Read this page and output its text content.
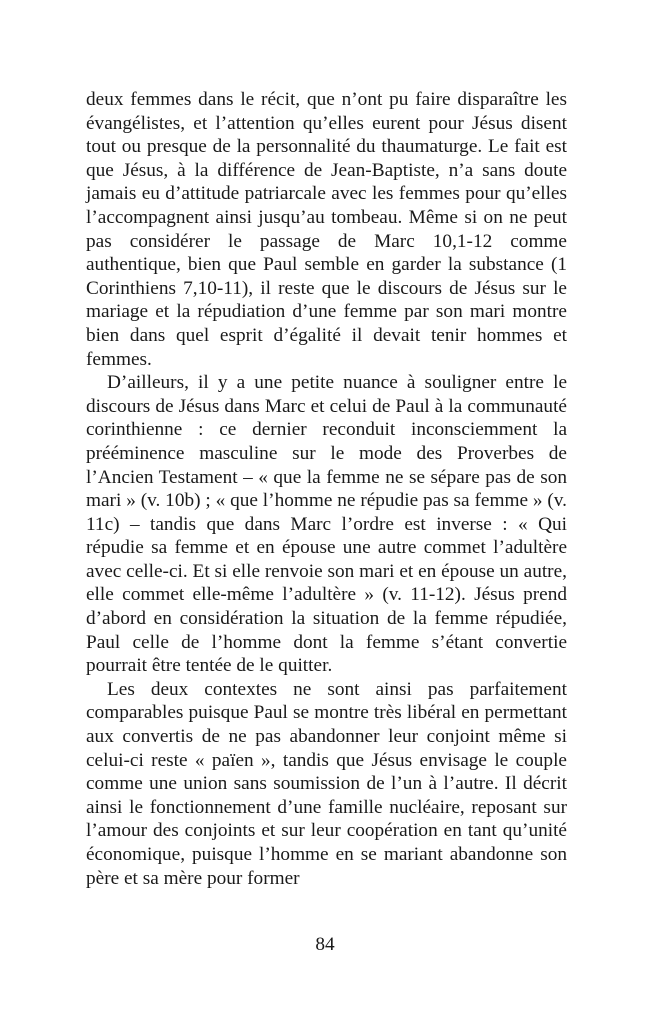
deux femmes dans le récit, que n’ont pu faire disparaître les évangélistes, et l’attention qu’elles eurent pour Jésus disent tout ou presque de la personnalité du thaumaturge. Le fait est que Jésus, à la différence de Jean-Baptiste, n’a sans doute jamais eu d’attitude patriarcale avec les femmes pour qu’elles l’accompagnent ainsi jusqu’au tombeau. Même si on ne peut pas considérer le passage de Marc 10,1-12 comme authentique, bien que Paul semble en garder la substance (1 Corinthiens 7,10-11), il reste que le discours de Jésus sur le mariage et la répudiation d’une femme par son mari montre bien dans quel esprit d’égalité il devait tenir hommes et femmes.

D’ailleurs, il y a une petite nuance à souligner entre le discours de Jésus dans Marc et celui de Paul à la communauté corinthienne : ce dernier reconduit inconsciemment la prééminence masculine sur le mode des Proverbes de l’Ancien Testament – « que la femme ne se sépare pas de son mari » (v. 10b) ; « que l’homme ne répudie pas sa femme » (v. 11c) – tandis que dans Marc l’ordre est inverse : « Qui répudie sa femme et en épouse une autre commet l’adultère avec celle-ci. Et si elle renvoie son mari et en épouse un autre, elle commet elle-même l’adultère » (v. 11-12). Jésus prend d’abord en considération la situation de la femme répudiée, Paul celle de l’homme dont la femme s’étant convertie pourrait être tentée de le quitter.

Les deux contextes ne sont ainsi pas parfaitement comparables puisque Paul se montre très libéral en permettant aux convertis de ne pas abandonner leur conjoint même si celui-ci reste « païen », tandis que Jésus envisage le couple comme une union sans soumission de l’un à l’autre. Il décrit ainsi le fonctionnement d’une famille nucléaire, reposant sur l’amour des conjoints et sur leur coopération en tant qu’unité économique, puisque l’homme en se mariant abandonne son père et sa mère pour former

84
